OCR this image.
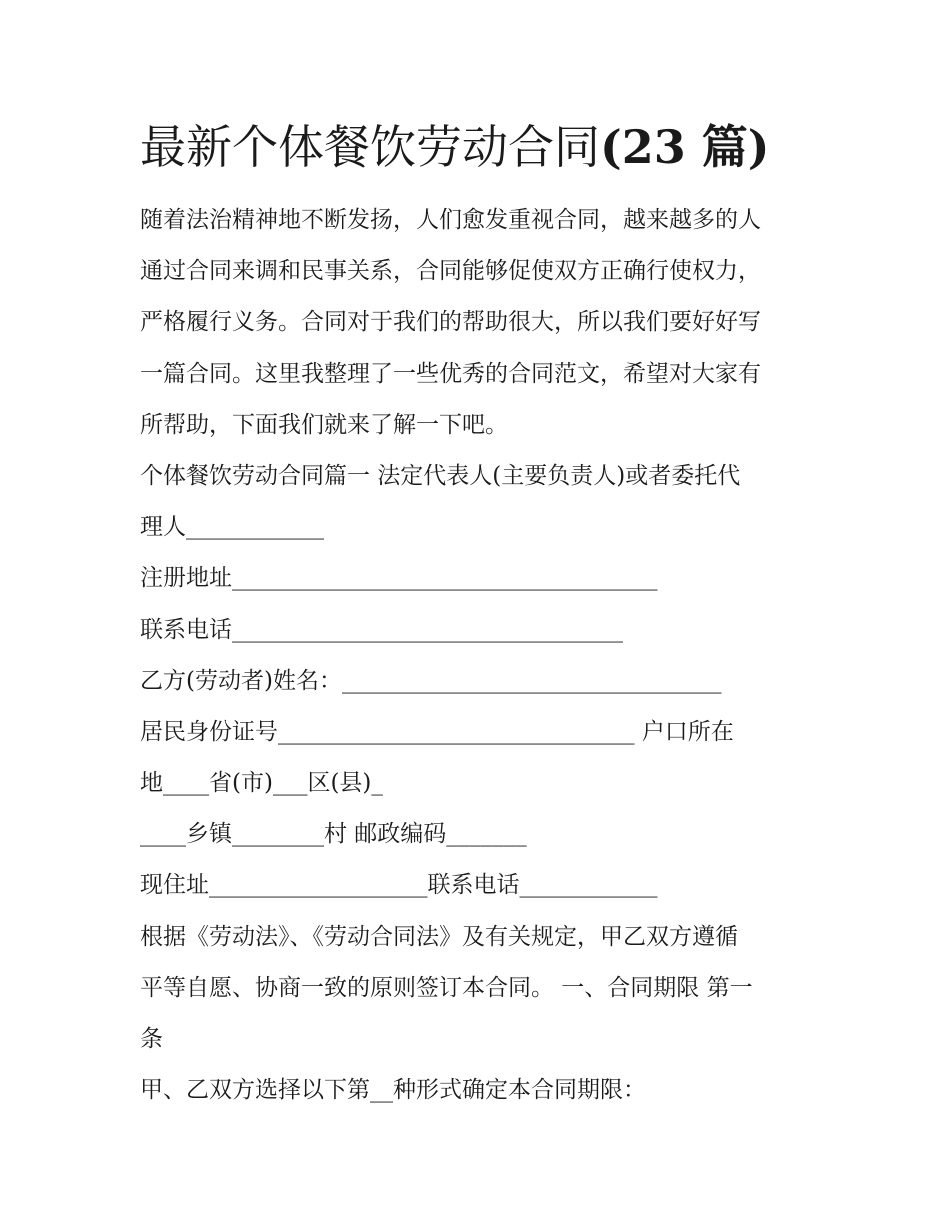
最新个体餐饮劳动合同(23 篇)
随着法治精神地不断发扬，人们愈发重视合同，越来越多的人
通过合同来调和民事关系，合同能够促使双方正确行使权力，
严格履行义务。合同对于我们的帮助很大，所以我们要好好写
一篇合同。这里我整理了一些优秀的合同范文，希望对大家有
所帮助，下面我们就来了解一下吧。
个体餐饮劳动合同篇一 法定代表人(主要负责人)或者委托代
理人____________
注册地址_____________________________________
联系电话__________________________________
乙方(劳动者)姓名：_________________________________
居民身份证号_______________________________ 户口所在
地____省(市)___区(县)_
____乡镇________村 邮政编码_______
现住址___________________联系电话____________
根据《劳动法》、《劳动合同法》及有关规定，甲乙双方遵循
平等自愿、协商一致的原则签订本合同。 一、合同期限 第一
条
甲、乙双方选择以下第__种形式确定本合同期限：
